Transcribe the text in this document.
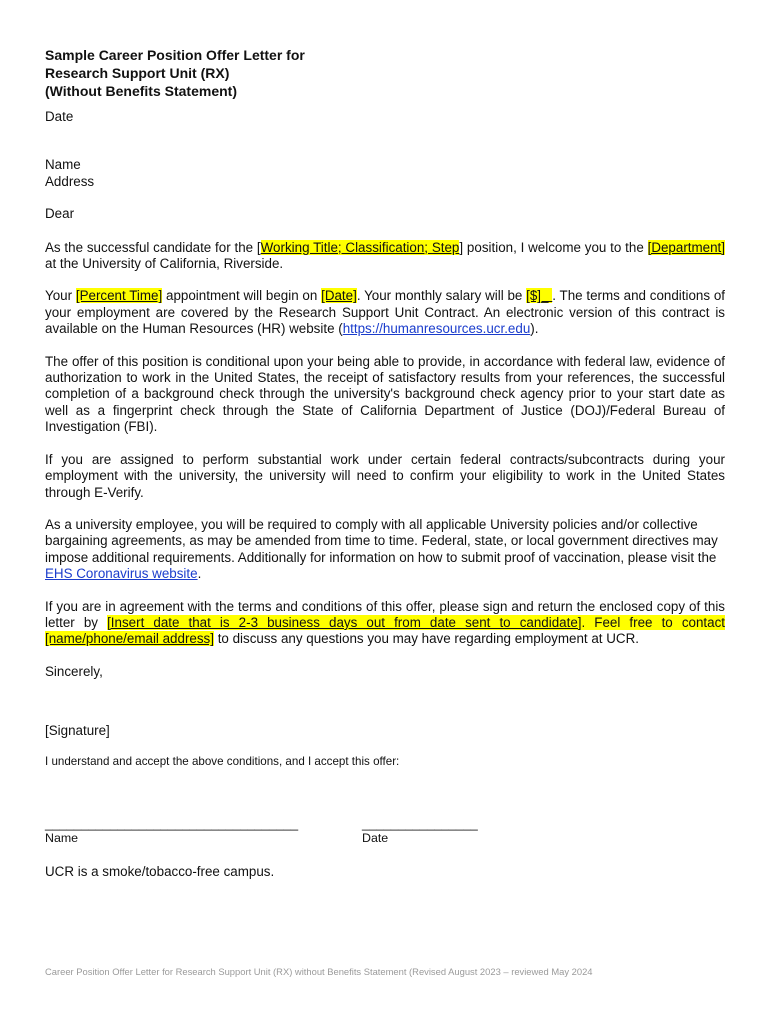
Sample Career Position Offer Letter for
Research Support Unit (RX)
(Without Benefits Statement)

Date

Name

Address

Dear

As the successful candidate for the [Working Title; Classification; Step] position, I welcome you to the [Department] at the University of California, Riverside.

Your [Percent Time] appointment will begin on [Date]. Your monthly salary will be [$]_ . The terms and conditions of your employment are covered by the Research Support Unit Contract. An electronic version of this contract is available on the Human Resources (HR) website (https://humanresources.ucr.edu).

The offer of this position is conditional upon your being able to provide, in accordance with federal law, evidence of authorization to work in the United States, the receipt of satisfactory results from your references, the successful completion of a background check through the university's background check agency prior to your start date as well as a fingerprint check through the State of California Department of Justice (DOJ)/Federal Bureau of Investigation (FBI).

If you are assigned to perform substantial work under certain federal contracts/subcontracts during your employment with the university, the university will need to confirm your eligibility to work in the United States through E-Verify.

As a university employee, you will be required to comply with all applicable University policies and/or collective bargaining agreements, as may be amended from time to time. Federal, state, or local government directives may impose additional requirements. Additionally for information on how to submit proof of vaccination, please visit the EHS Coronavirus website.

If you are in agreement with the terms and conditions of this offer, please sign and return the enclosed copy of this letter by [Insert date that is 2-3 business days out from date sent to candidate]. Feel free to contact [name/phone/email address] to discuss any questions you may have regarding employment at UCR.

Sincerely,

[Signature]

I understand and accept the above conditions, and I accept this offer:

___________________________________	________________
Name	Date
UCR is a smoke/tobacco-free campus.
Career Position Offer Letter for Research Support Unit (RX) without Benefits Statement (Revised August 2023 – reviewed May 2024
